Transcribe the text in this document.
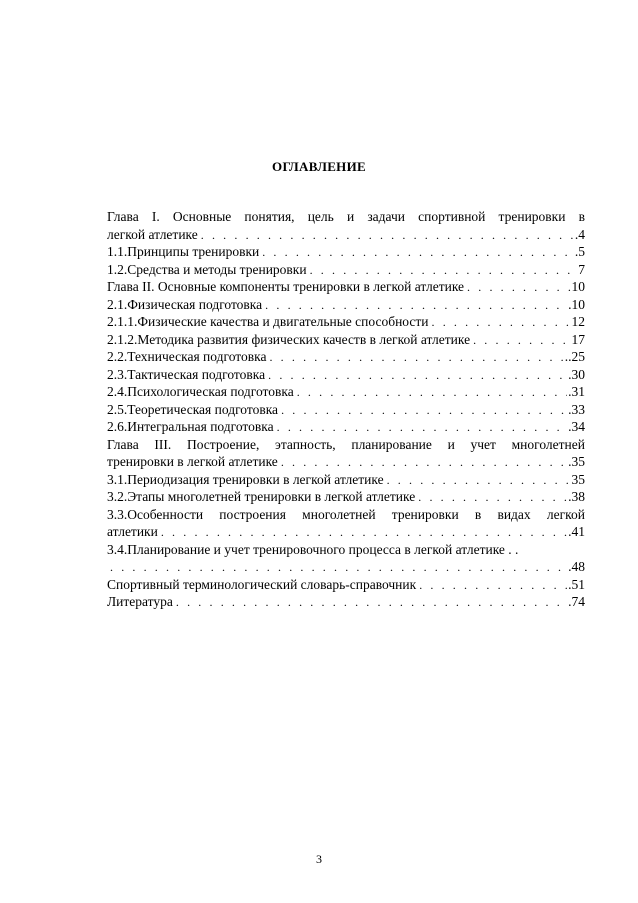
ОГЛАВЛЕНИЕ
Глава I. Основные понятия, цель и задачи спортивной тренировки в
легкой атлетике . . .	.4
1.1.Принципы тренировки . . .	.5
1.2.Средства и методы тренировки . . .	7
Глава II. Основные компоненты тренировки в легкой атлетике . . .	10
2.1.Физическая подготовка . . .	.10
2.1.1.Физические качества и двигательные способности . . .	12
2.1.2.Методика развития физических качеств в легкой атлетике . . .	17
2.2.Техническая подготовка . . .	..25
2.3.Тактическая подготовка . . .	.30
2.4.Психологическая подготовка . . .	.31
2.5.Теоретическая подготовка . . .	.33
2.6.Интегральная подготовка . . .	.34
Глава III. Построение, этапность, планирование и учет многолетней
тренировки в легкой атлетике . . .	.35
3.1.Периодизация тренировки в легкой атлетике . . .	35
3.2.Этапы многолетней тренировки в легкой атлетике . . .	.38
3.3.Особенности построения многолетней тренировки в видах легкой
атлетики . . .	.41
3.4.Планирование и учет тренировочного процесса в легкой атлетике . .
. . .
.48
Спортивный терминологический словарь-справочник . . .	.51
Литература . . .	.74
3
